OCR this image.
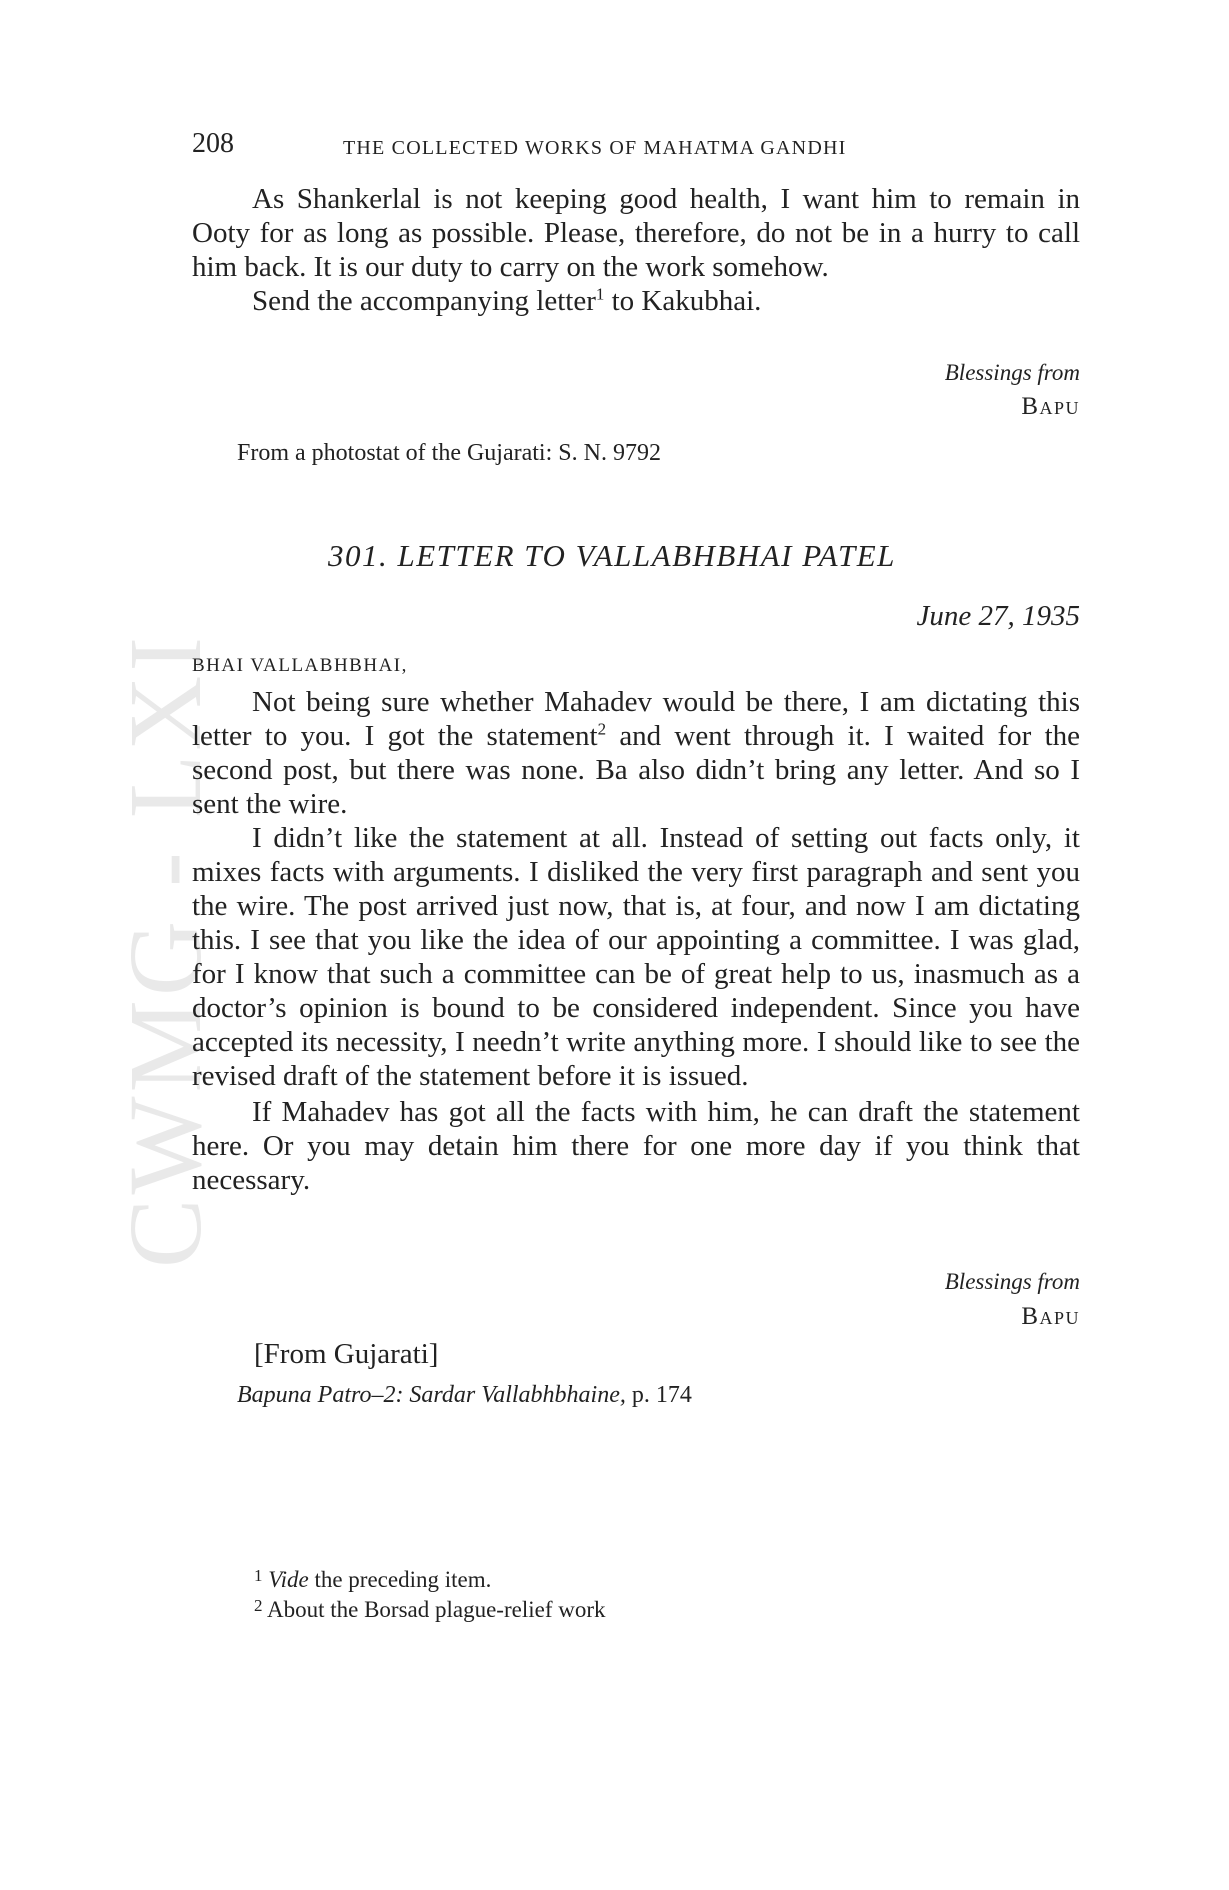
CWMG - LXI
208	THE COLLECTED WORKS OF MAHATMA GANDHI

As Shankerlal is not keeping good health, I want him to remain in Ooty for as long as possible. Please, therefore, do not be in a hurry to call him back. It is our duty to carry on the work somehow.

Send the accompanying letter$^1$ to Kakubhai.

Blessings from
Bapu
From a photostat of the Gujarati: S. N. 9792
301. LETTER TO VALLABHBHAI PATEL
June 27, 1935
BHAI VALLABHBHAI,

Not being sure whether Mahadev would be there, I am dictating this letter to you. I got the statement$^2$ and went through it. I waited for the second post, but there was none. Ba also didn’t bring any letter. And so I sent the wire.

I didn’t like the statement at all. Instead of setting out facts only, it mixes facts with arguments. I disliked the very first paragraph and sent you the wire. The post arrived just now, that is, at four, and now I am dictating this. I see that you like the idea of our appointing a committee. I was glad, for I know that such a committee can be of great help to us, inasmuch as a doctor’s opinion is bound to be considered independent. Since you have accepted its necessity, I needn’t write anything more. I should like to see the revised draft of the statement before it is issued.

If Mahadev has got all the facts with him, he can draft the statement here. Or you may detain him there for one more day if you think that necessary.

Blessings from
Bapu
[From Gujarati]
Bapuna Patro–2: Sardar Vallabhbhaine, p. 174
$^1$ Vide the preceding item.
$^2$ About the Borsad plague-relief work
